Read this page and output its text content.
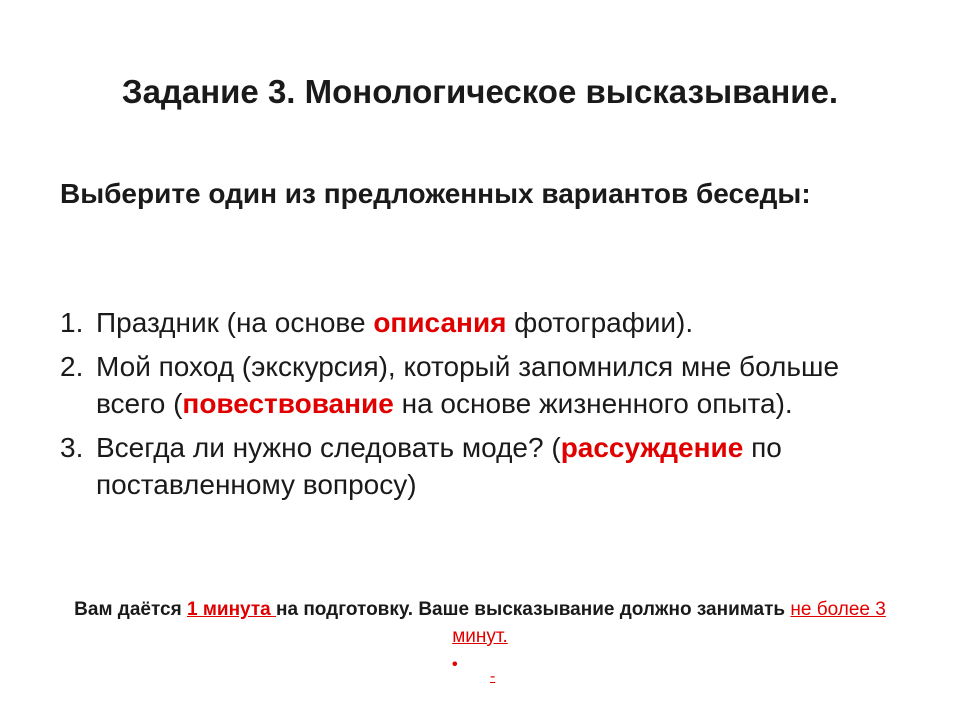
Задание 3. Монологическое высказывание.

Выберите один из предложенных вариантов беседы:

1. Праздник (на основе описания фотографии).
2. Мой поход (экскурсия), который запомнился мне больше всего (повествование на основе жизненного опыта).
3. Всегда ли нужно следовать моде? (рассуждение по поставленному вопросу)

Вам даётся 1 минута на подготовку. Ваше высказывание должно занимать не более 3 минут.

•
-
